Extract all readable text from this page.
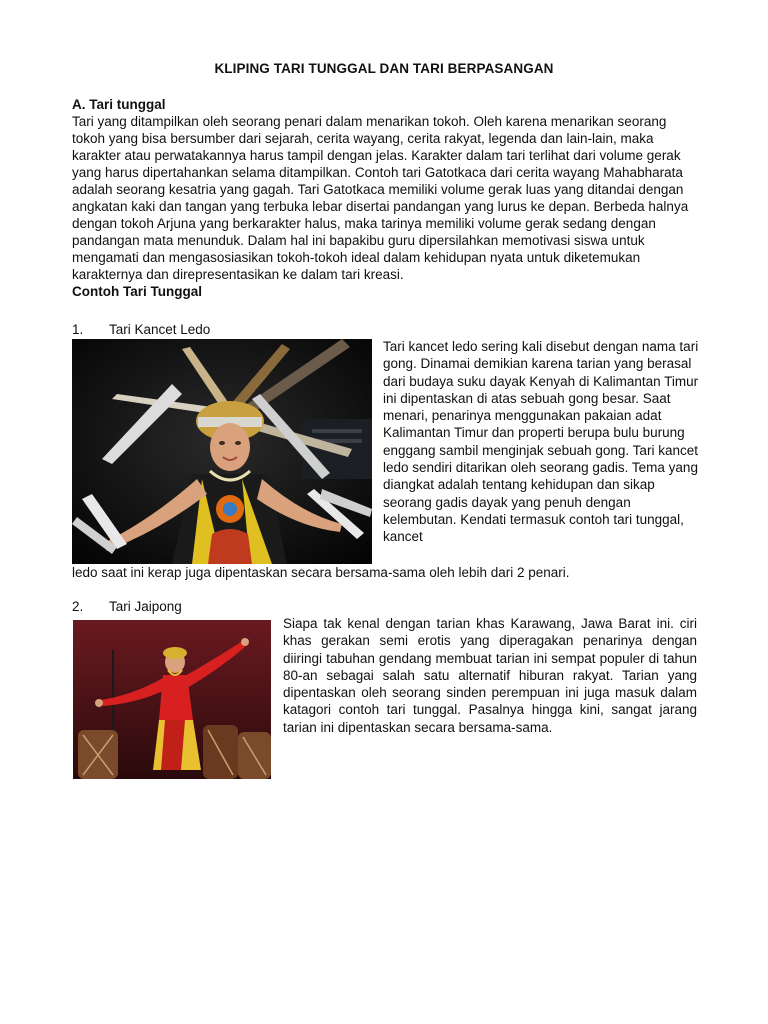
KLIPING TARI TUNGGAL DAN TARI BERPASANGAN

A. Tari tunggal

Tari yang ditampilkan oleh seorang penari dalam menarikan tokoh. Oleh karena menarikan seorang tokoh yang bisa bersumber dari sejarah, cerita wayang, cerita rakyat, legenda dan lain-lain, maka karakter atau perwatakannya harus tampil dengan jelas. Karakter dalam tari terlihat dari volume gerak yang harus dipertahankan selama ditampilkan. Contoh tari Gatotkaca dari cerita wayang Mahabharata adalah seorang kesatria yang gagah. Tari Gatotkaca memiliki volume gerak luas yang ditandai dengan angkatan kaki dan tangan yang terbuka lebar disertai pandangan yang lurus ke depan. Berbeda halnya dengan tokoh Arjuna yang berkarakter halus, maka tarinya memiliki volume gerak sedang dengan pandangan mata menunduk. Dalam hal ini bapakibu guru dipersilahkan memotivasi siswa untuk mengamati dan mengasosiasikan tokoh-tokoh ideal dalam kehidupan nyata untuk diketemukan karakternya dan direpresentasikan ke dalam tari kreasi.

Contoh Tari Tunggal

1. Tari Kancet Ledo

Tari kancet ledo sering kali disebut dengan nama tari gong. Dinamai demikian karena tarian yang berasal dari budaya suku dayak Kenyah di Kalimantan Timur ini dipentaskan di atas sebuah gong besar. Saat menari, penarinya menggunakan pakaian adat Kalimantan Timur dan properti berupa bulu burung enggang sambil menginjak sebuah gong. Tari kancet ledo sendiri ditarikan oleh seorang gadis. Tema yang diangkat adalah tentang kehidupan dan sikap seorang gadis dayak yang penuh dengan kelembutan. Kendati termasuk contoh tari tunggal, kancet

ledo saat ini kerap juga dipentaskan secara bersama-sama oleh lebih dari 2 penari.

2. Tari Jaipong

Siapa tak kenal dengan tarian khas Karawang, Jawa Barat ini. ciri khas gerakan semi erotis yang diperagakan penarinya dengan diiringi tabuhan gendang membuat tarian ini sempat populer di tahun 80-an sebagai salah satu alternatif hiburan rakyat. Tarian yang dipentaskan oleh seorang sinden perempuan ini juga masuk dalam katagori contoh tari tunggal. Pasalnya hingga kini, sangat jarang tarian ini dipentaskan secara bersama-sama.
